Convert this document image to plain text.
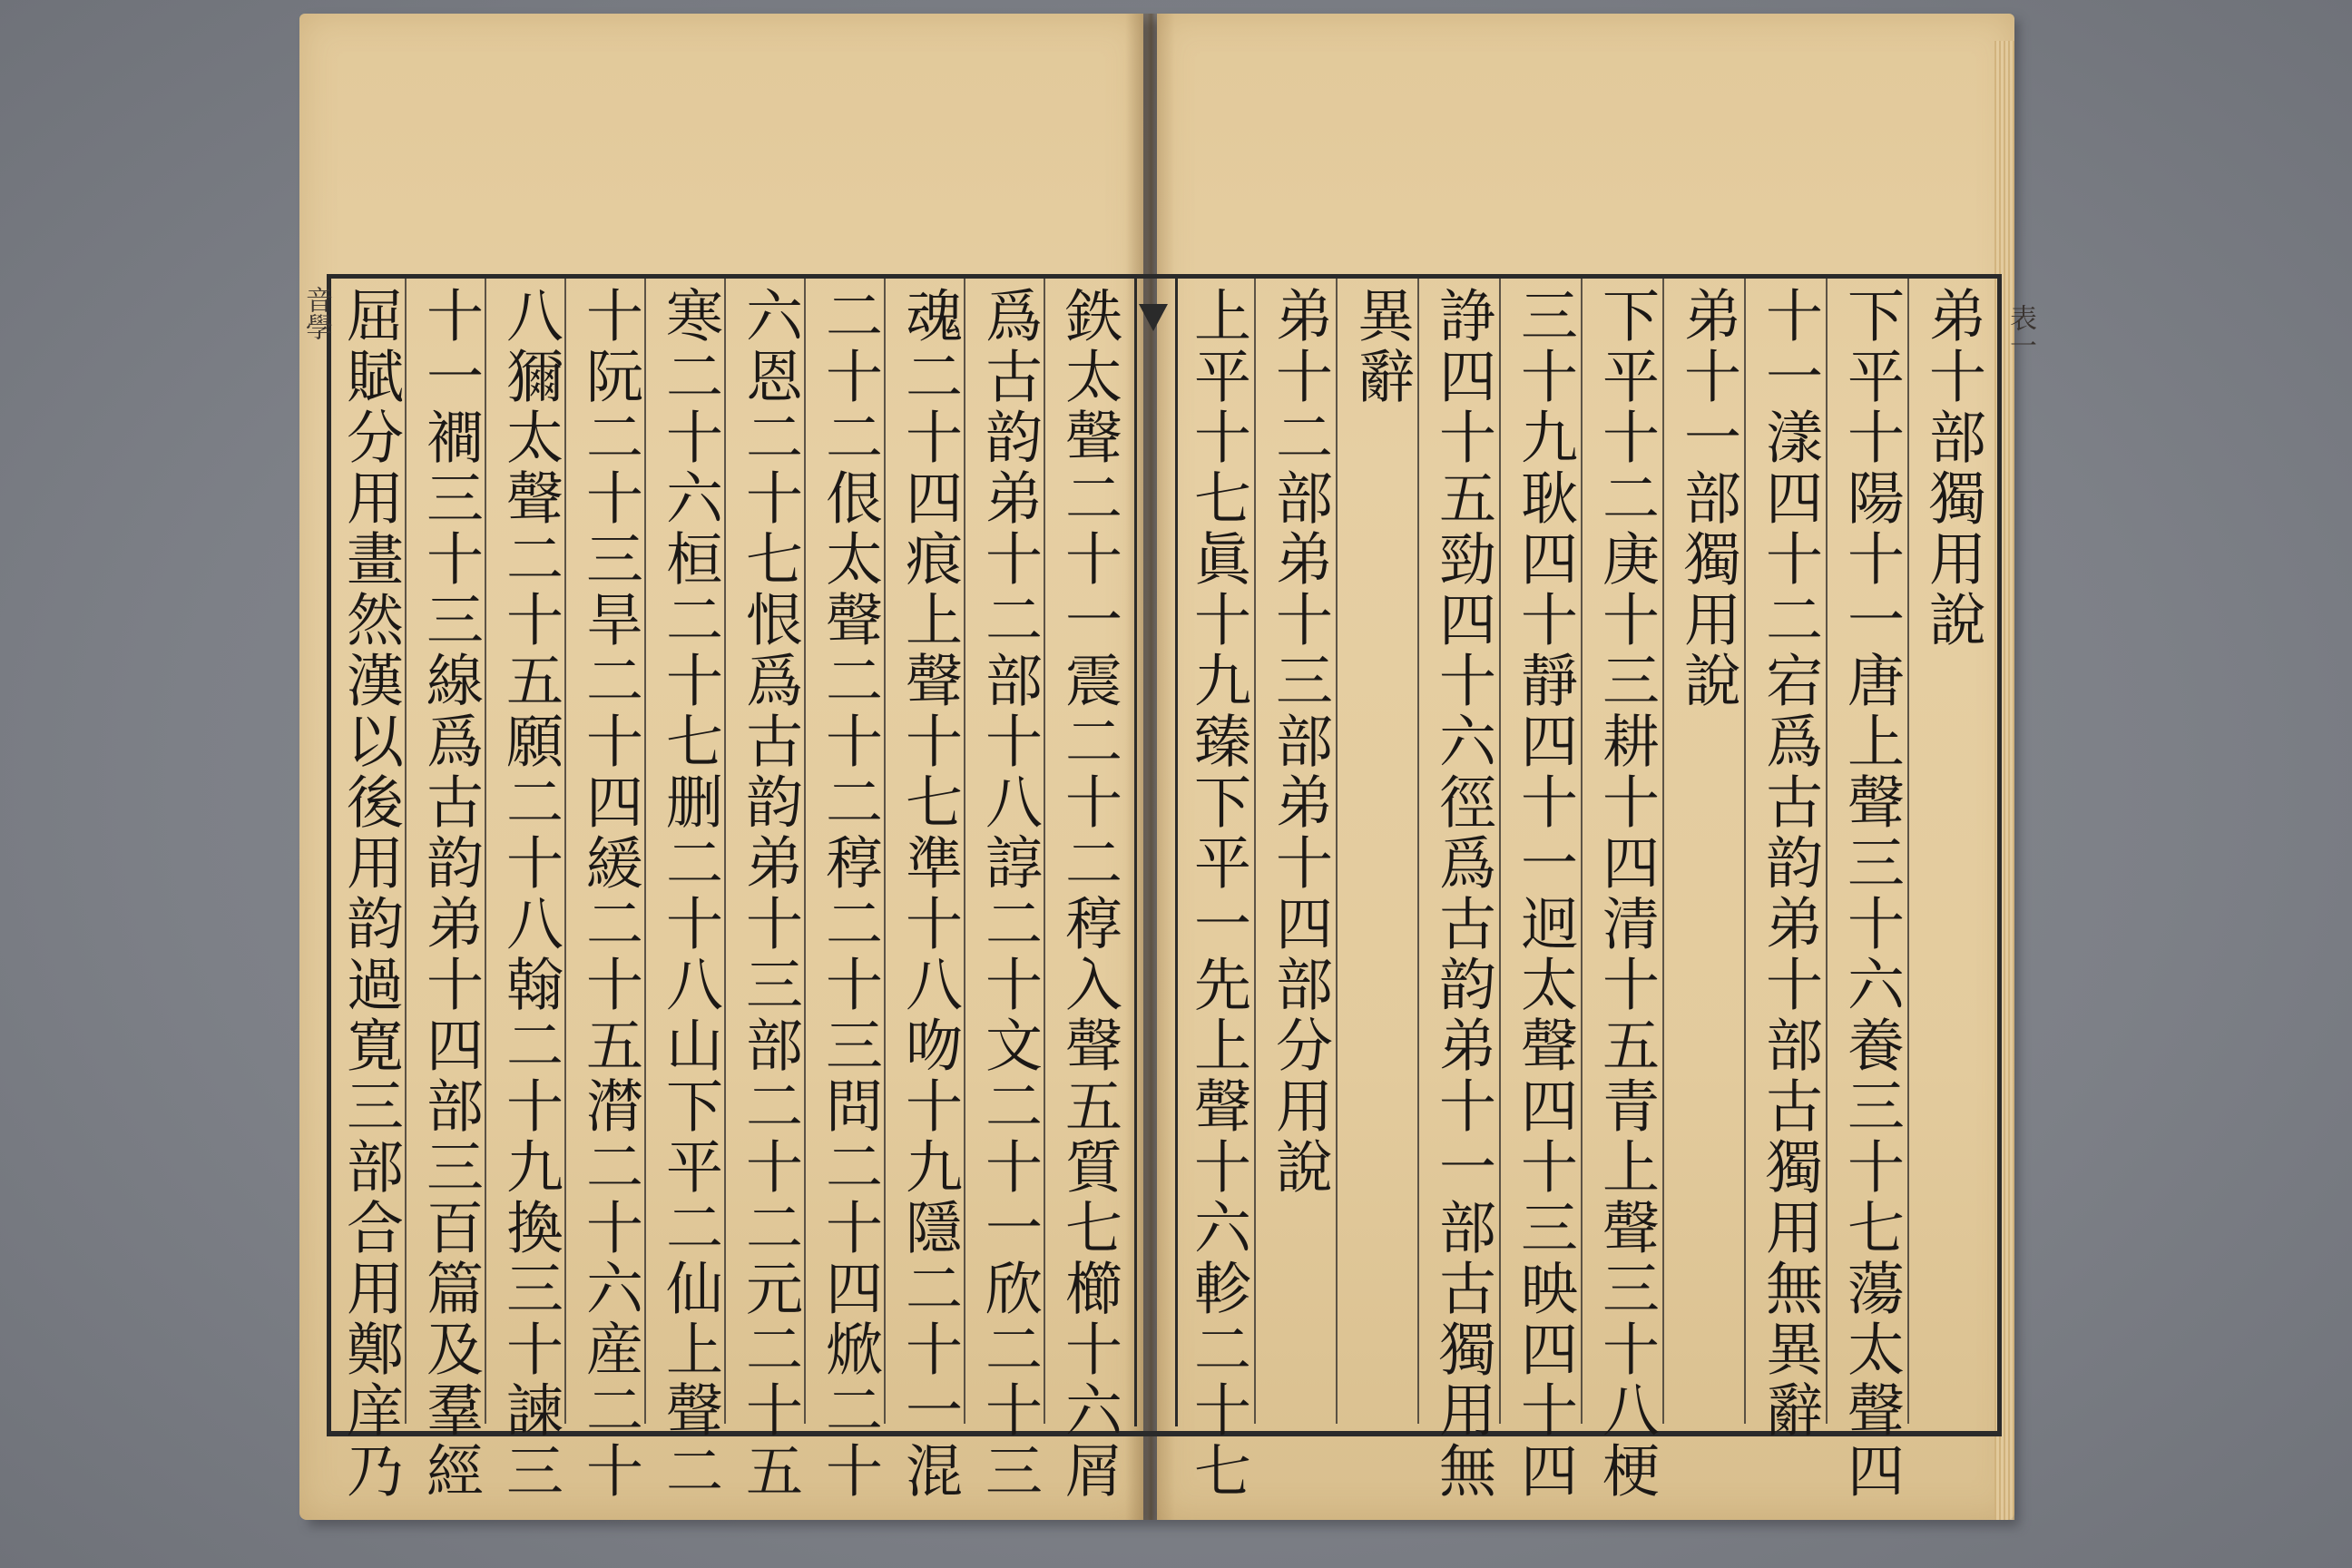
鉄太聲二十一震二十二稕入聲五質七櫛十六屑
爲古韵弟十二部十八諄二十文二十一欣二十三
魂二十四痕上聲十七準十八吻十九隱二十一混
二十二佷太聲二十二稕二十三問二十四焮二十
六恩二十七恨爲古韵弟十三部二十二元二十五
寒二十六桓二十七删二十八山下平二仙上聲二
十阮二十三旱二十四緩二十五潸二十六産二十
八獮太聲二十五願二十八翰二十九換三十諫三
十一襇三十三線爲古韵弟十四部三百篇及羣經
屈賦分用畫然漢以後用韵過寛三部合用鄭庠乃
音學	弟十部獨用說
下平十陽十一唐上聲三十六養三十七蕩太聲四
十一漾四十二宕爲古韵弟十部古獨用無異辭
弟十一部獨用說
下平十二庚十三耕十四清十五青上聲三十八梗
三十九耿四十靜四十一迥太聲四十三映四十四
諍四十五勁四十六徑爲古韵弟十一部古獨用無
異辭
弟十二部弟十三部弟十四部分用說
上平十七眞十九臻下平一先上聲十六軫二十七	表一
